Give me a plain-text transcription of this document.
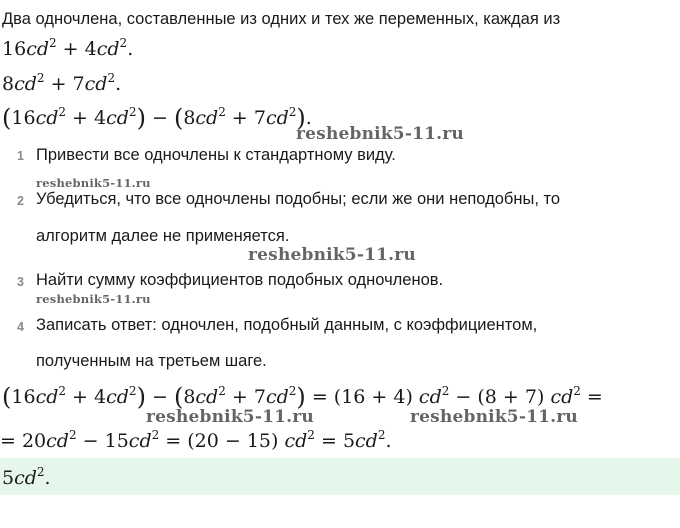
Два одночлена, составленные из одних и тех же переменных, каждая из
$16cd^2 + 4cd^2$.
$8cd^2 + 7cd^2$.
$(16cd^2 + 4cd^2) - (8cd^2 + 7cd^2)$.
reshebnik5-11.ru
1 Привести все одночлены к стандартному виду.
reshebnik5-11.ru
2 Убедиться, что все одночлены подобны; если же они неподобны, то
алгоритм далее не применяется.
reshebnik5-11.ru
3 Найти сумму коэффициентов подобных одночленов.
reshebnik5-11.ru
4 Записать ответ: одночлен, подобный данным, с коэффициентом,
полученным на третьем шаге.
$(16cd^2 + 4cd^2) - (8cd^2 + 7cd^2) = (16 + 4) cd^2 - (8 + 7) cd^2$ =
reshebnik5-11.ru	reshebnik5-11.ru
= $20cd^2 - 15cd^2 = (20 - 15) cd^2 = 5cd^2$.
$5cd^2$.
